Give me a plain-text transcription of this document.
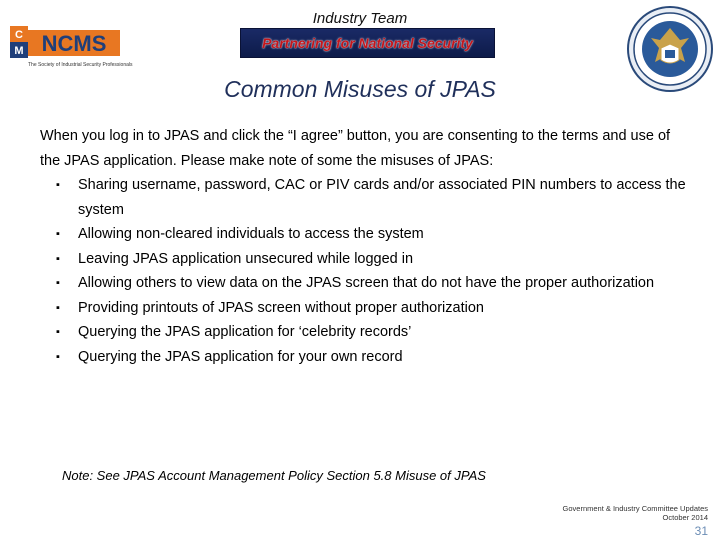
Industry Team
C
M NCMS
The Society of Industrial Security Professionals
Partnering for National Security
Common Misuses of JPAS

When you log in to JPAS and click the “I agree” button, you are consenting to the terms and use of the JPAS application. Please make note of some the misuses of JPAS:

▪ Sharing username, password, CAC or PIV cards and/or associated PIN numbers to access the system
▪ Allowing non-cleared individuals to access the system
▪ Leaving JPAS application unsecured while logged in
▪ Allowing others to view data on the JPAS screen that do not have the proper authorization
▪ Providing printouts of JPAS screen without proper authorization
▪ Querying the JPAS application for ‘celebrity records’
▪ Querying the JPAS application for your own record
Note: See JPAS Account Management Policy Section 5.8 Misuse of JPAS
Government & Industry Committee Updates
October 2014
31
